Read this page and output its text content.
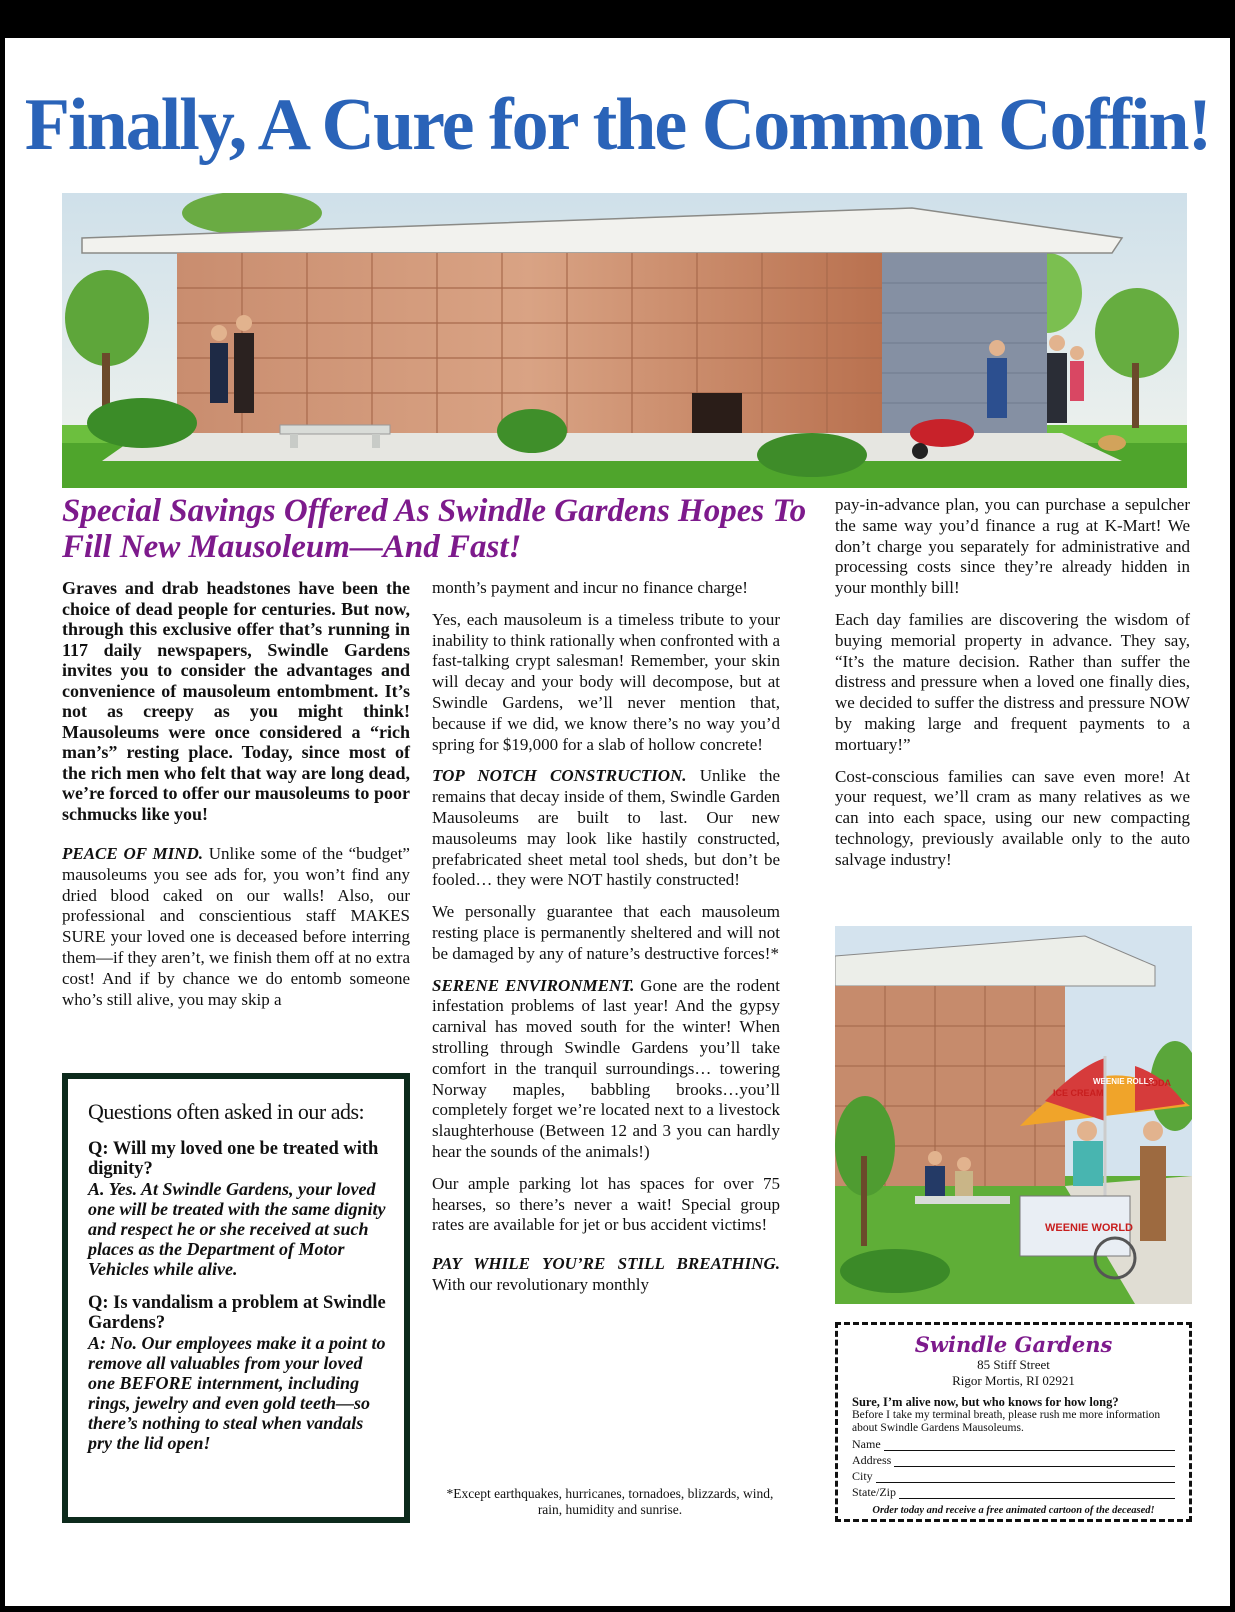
Finally, A Cure for the Common Coffin!
Special Savings Offered As Swindle Gardens Hopes To Fill New Mausoleum—And Fast!

Graves and drab headstones have been the choice of dead people for centuries. But now, through this exclusive offer that’s running in 117 daily newspapers, Swindle Gardens invites you to consider the advantages and convenience of mausoleum entombment. It’s not as creepy as you might think! Mausoleums were once considered a “rich man’s” resting place. Today, since most of the rich men who felt that way are long dead, we’re forced to offer our mausoleums to poor schmucks like you!

PEACE OF MIND. Unlike some of the “budget” mausoleums you see ads for, you won’t find any dried blood caked on our walls! Also, our professional and conscientious staff MAKES SURE your loved one is deceased before interring them—if they aren’t, we finish them off at no extra cost! And if by chance we do entomb someone who’s still alive, you may skip a

Questions often asked in our ads:

Q: Will my loved one be treated with dignity?

A. Yes. At Swindle Gardens, your loved one will be treated with the same dignity and respect he or she received at such places as the Department of Motor Vehicles while alive.

Q: Is vandalism a problem at Swindle Gardens?

A: No. Our employees make it a point to remove all valuables from your loved one BEFORE internment, including rings, jewelry and even gold teeth—so there’s nothing to steal when vandals pry the lid open!

month’s payment and incur no finance charge!

Yes, each mausoleum is a timeless tribute to your inability to think rationally when confronted with a fast-talking crypt salesman! Remember, your skin will decay and your body will decompose, but at Swindle Gardens, we’ll never mention that, because if we did, we know there’s no way you’d spring for $19,000 for a slab of hollow concrete!

TOP NOTCH CONSTRUCTION. Unlike the remains that decay inside of them, Swindle Garden Mausoleums are built to last. Our new mausoleums may look like hastily constructed, prefabricated sheet metal tool sheds, but don’t be fooled… they were NOT hastily constructed!

We personally guarantee that each mausoleum resting place is permanently sheltered and will not be damaged by any of nature’s destructive forces!*

SERENE ENVIRONMENT. Gone are the rodent infestation problems of last year! And the gypsy carnival has moved south for the winter! When strolling through Swindle Gardens you’ll take comfort in the tranquil surroundings… towering Norway maples, babbling brooks…you’ll completely forget we’re located next to a livestock slaughterhouse (Between 12 and 3 you can hardly hear the sounds of the animals!)

Our ample parking lot has spaces for over 75 hearses, so there’s never a wait! Special group rates are available for jet or bus accident victims!

PAY WHILE YOU’RE STILL BREATHING. With our revolutionary monthly

*Except earthquakes, hurricanes, tornadoes, blizzards, wind, rain, humidity and sunrise.

pay-in-advance plan, you can purchase a sepulcher the same way you’d finance a rug at K-Mart! We don’t charge you separately for administrative and processing costs since they’re already hidden in your monthly bill!

Each day families are discovering the wisdom of buying memorial property in advance. They say, “It’s the mature decision. Rather than suffer the distress and pressure when a loved one finally dies, we decided to suffer the distress and pressure NOW by making large and frequent payments to a mortuary!”

Cost-conscious families can save even more! At your request, we’ll cram as many relatives as we can into each space, using our new compacting technology, previously available only to the auto salvage industry!

ICE CREAM
WEENIE ROLLS
SODA
WEENIE WORLD
Swindle Gardens
85 Stiff Street
Rigor Mortis, RI 02921
Sure, I’m alive now, but who knows for how long?
Before I take my terminal breath, please rush me more information about Swindle Gardens Mausoleums.
Name
Address
City
State/Zip
Order today and receive a free animated cartoon of the deceased!
